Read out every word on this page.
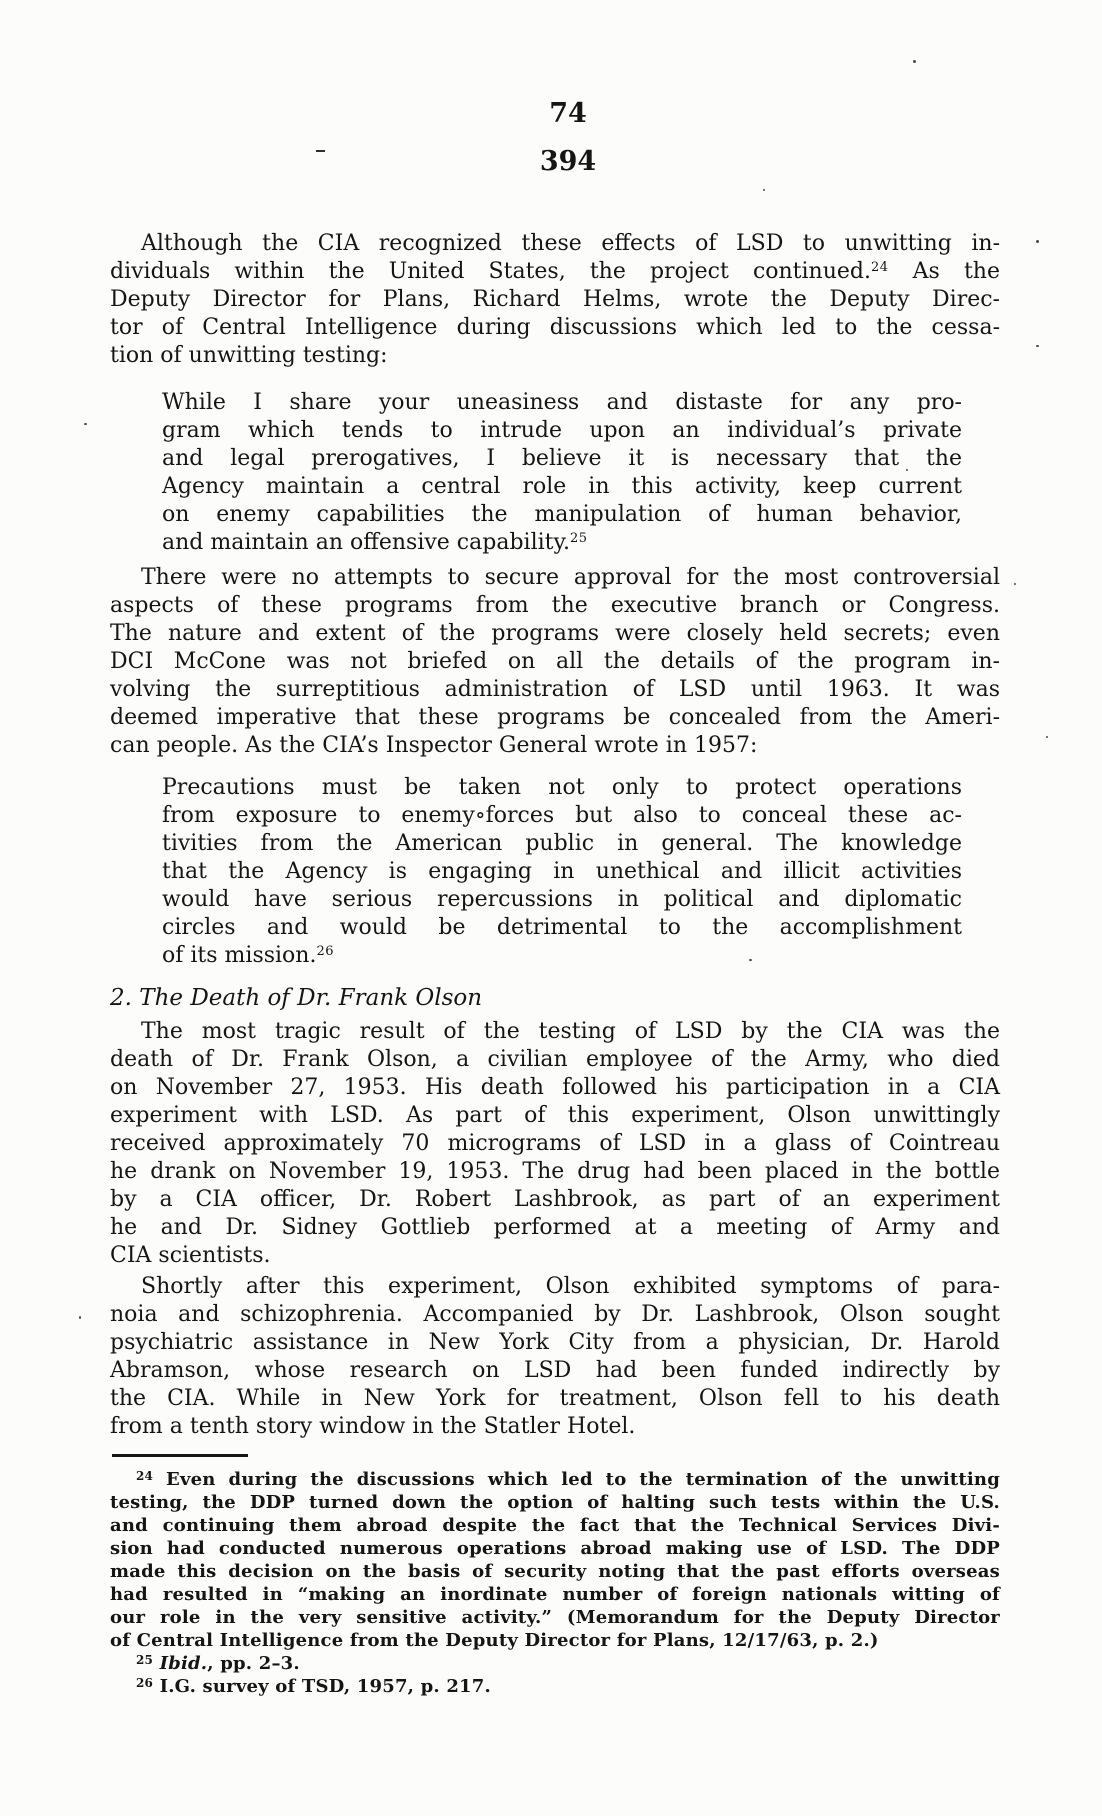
74
394
Although the CIA recognized these effects of LSD to unwitting in-
dividuals within the United States, the project continued.$^{24}$ As the
Deputy Director for Plans, Richard Helms, wrote the Deputy Direc-
tor of Central Intelligence during discussions which led to the cessa-
tion of unwitting testing:
While I share your uneasiness and distaste for any pro-
gram which tends to intrude upon an individual’s private
and legal prerogatives, I believe it is necessary that the
Agency maintain a central role in this activity, keep current
on enemy capabilities the manipulation of human behavior,
and maintain an offensive capability.$^{25}$
There were no attempts to secure approval for the most controversial
aspects of these programs from the executive branch or Congress.
The nature and extent of the programs were closely held secrets; even
DCI McCone was not briefed on all the details of the program in-
volving the surreptitious administration of LSD until 1963. It was
deemed imperative that these programs be concealed from the Ameri-
can people. As the CIA’s Inspector General wrote in 1957:
Precautions must be taken not only to protect operations
from exposure to enemy∘forces but also to conceal these ac-
tivities from the American public in general. The knowledge
that the Agency is engaging in unethical and illicit activities
would have serious repercussions in political and diplomatic
circles and would be detrimental to the accomplishment
of its mission.$^{26}$
2. The Death of Dr. Frank Olson
The most tragic result of the testing of LSD by the CIA was the
death of Dr. Frank Olson, a civilian employee of the Army, who died
on November 27, 1953. His death followed his participation in a CIA
experiment with LSD. As part of this experiment, Olson unwittingly
received approximately 70 micrograms of LSD in a glass of Cointreau
he drank on November 19, 1953. The drug had been placed in the bottle
by a CIA officer, Dr. Robert Lashbrook, as part of an experiment
he and Dr. Sidney Gottlieb performed at a meeting of Army and
CIA scientists.
Shortly after this experiment, Olson exhibited symptoms of para-
noia and schizophrenia. Accompanied by Dr. Lashbrook, Olson sought
psychiatric assistance in New York City from a physician, Dr. Harold
Abramson, whose research on LSD had been funded indirectly by
the CIA. While in New York for treatment, Olson fell to his death
from a tenth story window in the Statler Hotel.
$^{24}$ Even during the discussions which led to the termination of the unwitting
testing, the DDP turned down the option of halting such tests within the U.S.
and continuing them abroad despite the fact that the Technical Services Divi-
sion had conducted numerous operations abroad making use of LSD. The DDP
made this decision on the basis of security noting that the past efforts overseas
had resulted in “making an inordinate number of foreign nationals witting of
our role in the very sensitive activity.” (Memorandum for the Deputy Director
of Central Intelligence from the Deputy Director for Plans, 12/17/63, p. 2.)
$^{25}$ Ibid., pp. 2–3.
$^{26}$ I.G. survey of TSD, 1957, p. 217.
